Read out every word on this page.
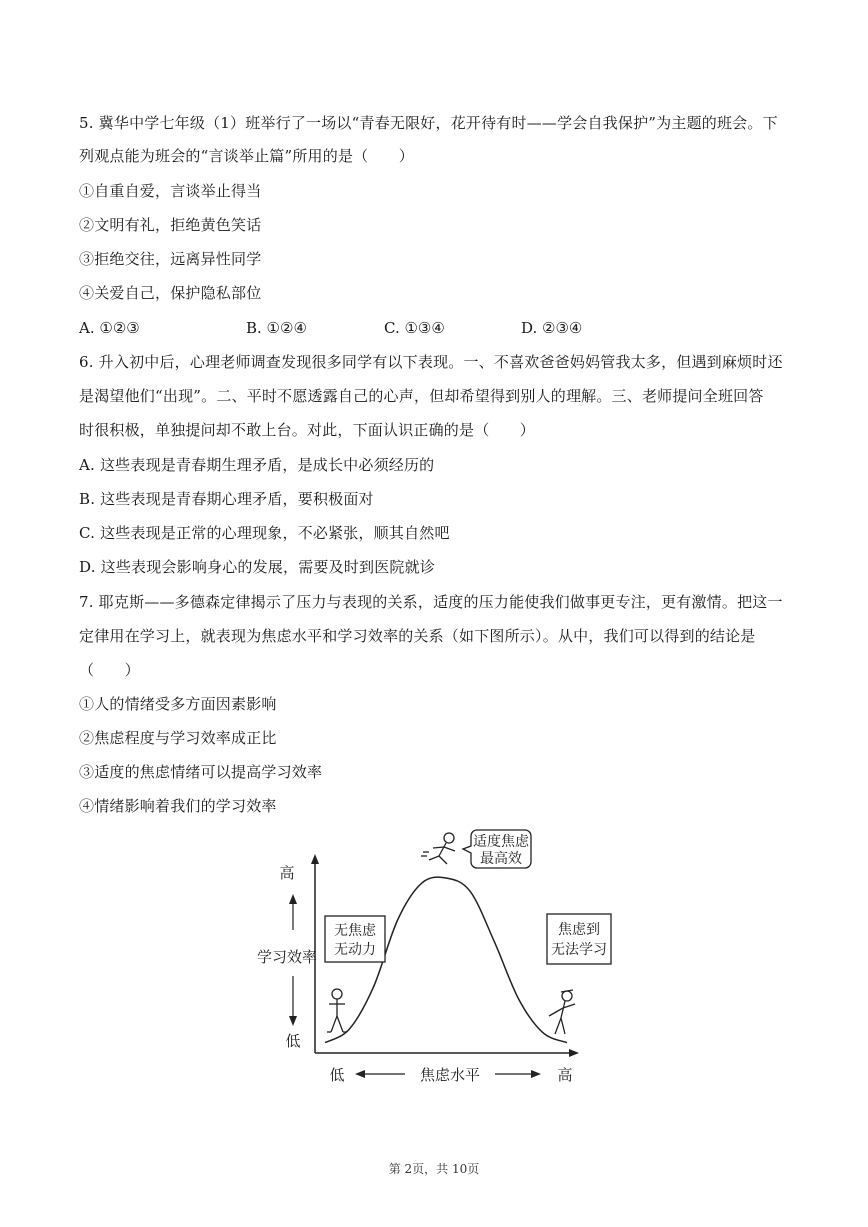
5. 冀华中学七年级（1）班举行了一场以“青春无限好，花开待有时——学会自我保护”为主题的班会。下
列观点能为班会的“言谈举止篇”所用的是（　　）
①自重自爱，言谈举止得当
②文明有礼，拒绝黄色笑话
③拒绝交往，远离异性同学
④关爱自己，保护隐私部位
A. ①②③	B. ①②④	C. ①③④	D. ②③④
6. 升入初中后，心理老师调查发现很多同学有以下表现。一、不喜欢爸爸妈妈管我太多，但遇到麻烦时还
是渴望他们“出现”。二、平时不愿透露自己的心声，但却希望得到别人的理解。三、老师提问全班回答
时很积极，单独提问却不敢上台。对此，下面认识正确的是（　　）
A. 这些表现是青春期生理矛盾，是成长中必须经历的
B. 这些表现是青春期心理矛盾，要积极面对
C. 这些表现是正常的心理现象，不必紧张，顺其自然吧
D. 这些表现会影响身心的发展，需要及时到医院就诊
7. 耶克斯——多德森定律揭示了压力与表现的关系，适度的压力能使我们做事更专注，更有激情。把这一
定律用在学习上，就表现为焦虑水平和学习效率的关系（如下图所示）。从中，我们可以得到的结论是
（　　）
①人的情绪受多方面因素影响
②焦虑程度与学习效率成正比
③适度的焦虑情绪可以提高学习效率
④情绪影响着我们的学习效率
高
学习效率
低
低	焦虑水平	高
适度焦虑
最高效
无焦虑
无动力
焦虑到
无法学习
第 2页，共 10页
